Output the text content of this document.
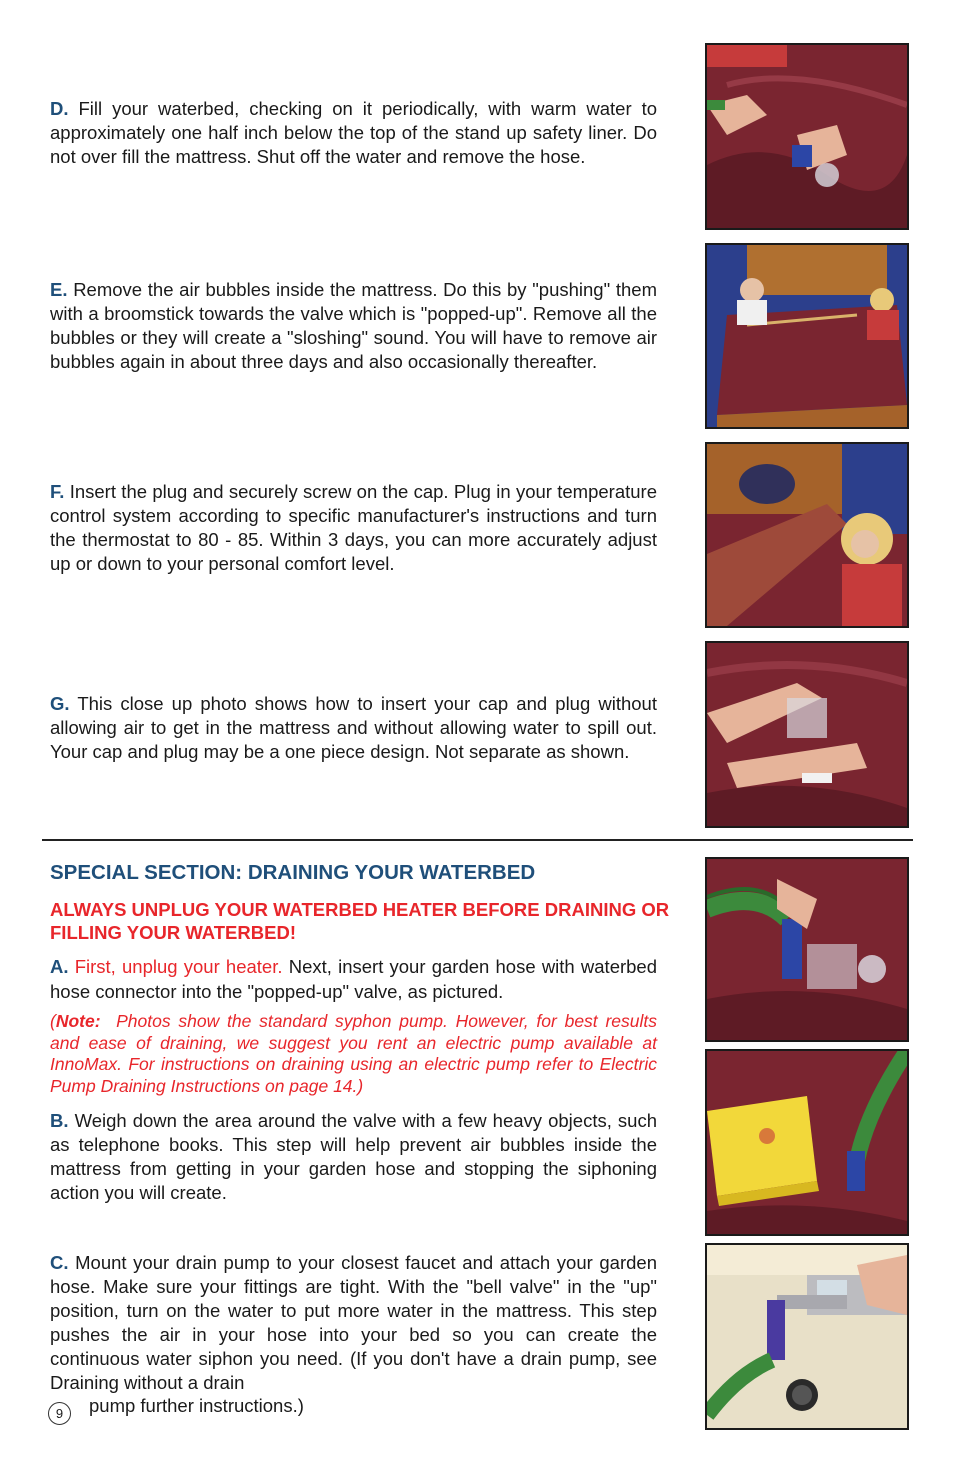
D. Fill your waterbed, checking on it periodically, with warm water to approximately one half inch below the top of the stand up safety liner. Do not over fill the mattress. Shut off the water and remove the hose.

E. Remove the air bubbles inside the mattress. Do this by "pushing" them with a broomstick towards the valve which is "popped-up". Remove all the bubbles or they will create a "sloshing" sound. You will have to remove air bubbles again in about three days and also occasionally thereafter.

F. Insert the plug and securely screw on the cap. Plug in your temperature control system according to specific manufacturer's instructions and turn the thermostat to 80 - 85. Within 3 days, you can more accurately adjust up or down to your personal comfort level.

G. This close up photo shows how to insert your cap and plug without allowing air to get in the mattress and without allowing water to spill out. Your cap and plug may be a one piece design. Not separate as shown.

SPECIAL SECTION: DRAINING YOUR WATERBED

ALWAYS UNPLUG YOUR WATERBED HEATER BEFORE DRAINING OR FILLING YOUR WATERBED!

A. First, unplug your heater. Next, insert your garden hose with waterbed hose connector into the "popped-up" valve, as pictured.

(Note: Photos show the standard syphon pump. However, for best results and ease of draining, we suggest you rent an electric pump available at InnoMax. For instructions on draining using an electric pump refer to Electric Pump Draining Instructions on page 14.)

B. Weigh down the area around the valve with a few heavy objects, such as telephone books. This step will help prevent air bubbles inside the mattress from getting in your garden hose and stopping the siphoning action you will create.

C. Mount your drain pump to your closest faucet and attach your garden hose. Make sure your fittings are tight. With the "bell valve" in the "up" position, turn on the water to put more water in the mattress. This step pushes the air in your hose into your bed so you can create the continuous water siphon you need. (If you don't have a drain pump, see Draining without a drain

pump further instructions.)
9
